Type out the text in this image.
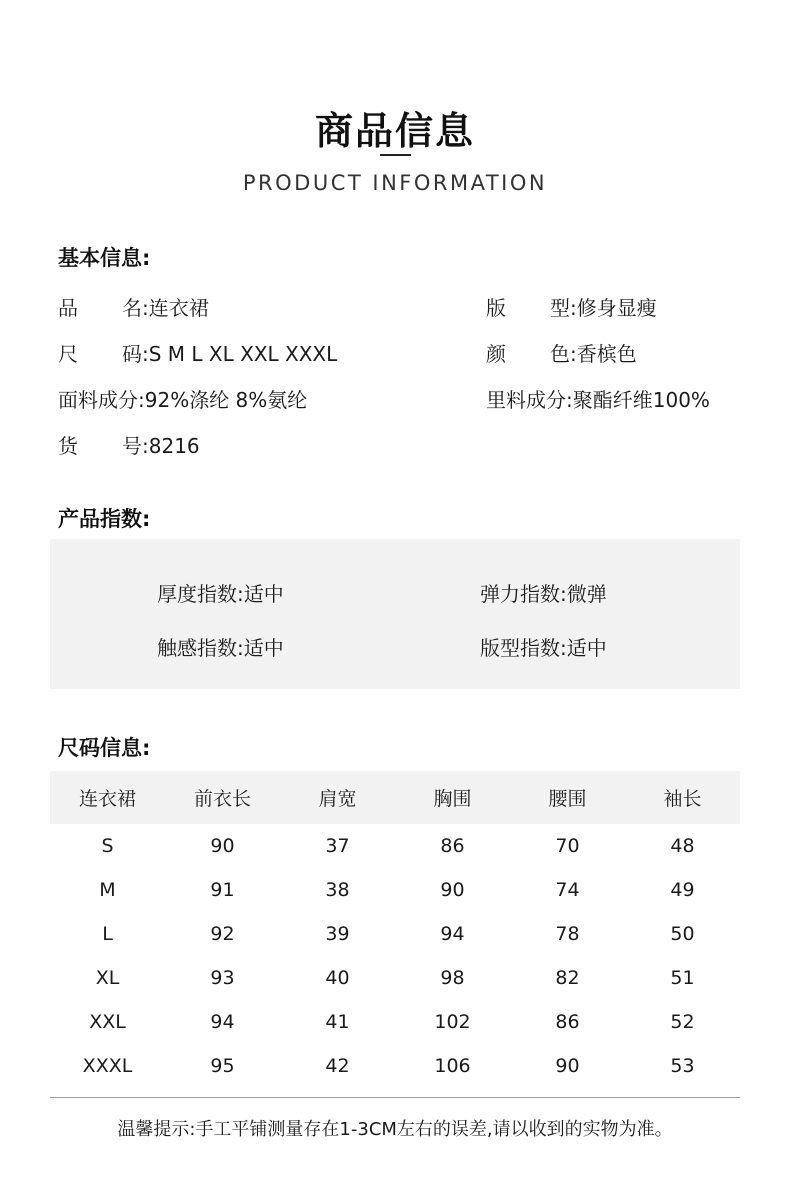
商品信息
PRODUCT INFORMATION
基本信息:
品 名 :连衣裙	版 型 :修身显瘦
尺 码 :S M L XL XXL XXXL	颜 色 :香槟色
面料成分:92%涤纶 8%氨纶	里料成分:聚酯纤维100%
货 号 :8216
产品指数:
厚度指数:适中	弹力指数:微弹
触感指数:适中	版型指数:适中
尺码信息:
连衣裙	前衣长	肩宽	胸围	腰围	袖长
S	90	37	86	70	48
M	91	38	90	74	49
L	92	39	94	78	50
XL	93	40	98	82	51
XXL	94	41	102	86	52
XXXL	95	42	106	90	53
温馨提示:手工平铺测量存在1-3CM左右的误差,请以收到的实物为准。
